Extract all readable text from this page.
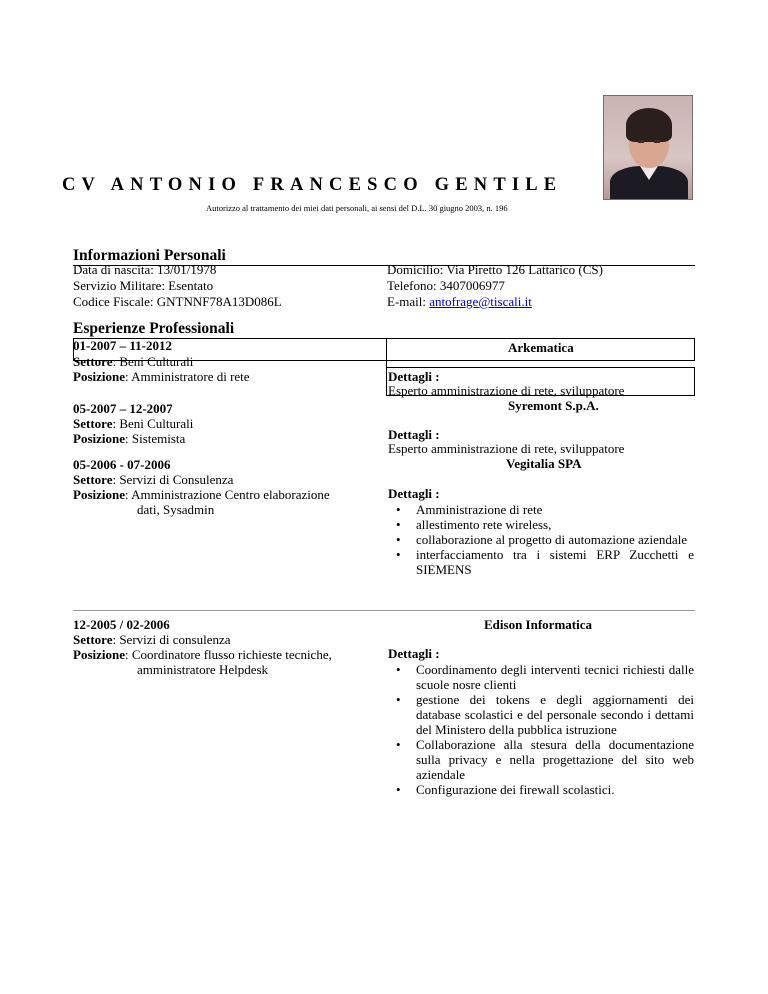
CV ANTONIO FRANCESCO GENTILE
Autorizzo al trattamento dei miei dati personali, ai sensi del D.L. 30 giugno 2003, n. 196
Informazioni Personali
Data di nascita: 13/01/1978
Servizio Militare: Esentato
Codice Fiscale: GNTNNF78A13D086L
Domicilio: Via Piretto 126 Lattarico (CS)
Telefono: 3407006977
E-mail: antofrage@tiscali.it
Esperienze Professionali
01-2007 – 11-2012
Settore: Beni Culturali
Posizione: Amministratore di rete
Arkematica
Dettagli :
Esperto amministrazione di rete, sviluppatore
05-2007 – 12-2007
Settore: Beni Culturali
Posizione: Sistemista
Syremont S.p.A.
Dettagli :
Esperto amministrazione di rete, sviluppatore
05-2006 - 07-2006
Settore: Servizi di Consulenza
Posizione: Amministrazione Centro elaborazione
dati, Sysadmin
Vegitalia SPA
Dettagli :
• Amministrazione di rete
• allestimento rete wireless,
• collaborazione al progetto di automazione aziendale
• interfacciamento tra i sistemi ERP Zucchetti e SIEMENS
12-2005 / 02-2006
Settore: Servizi di consulenza
Posizione: Coordinatore flusso richieste tecniche,
amministratore Helpdesk
Edison Informatica
Dettagli :
• Coordinamento degli interventi tecnici richiesti dalle scuole nosre clienti
• gestione dei tokens e degli aggiornamenti dei database scolastici e del personale secondo i dettami del Ministero della pubblica istruzione
• Collaborazione alla stesura della documentazione sulla privacy e nella progettazione del sito web aziendale
• Configurazione dei firewall scolastici.
